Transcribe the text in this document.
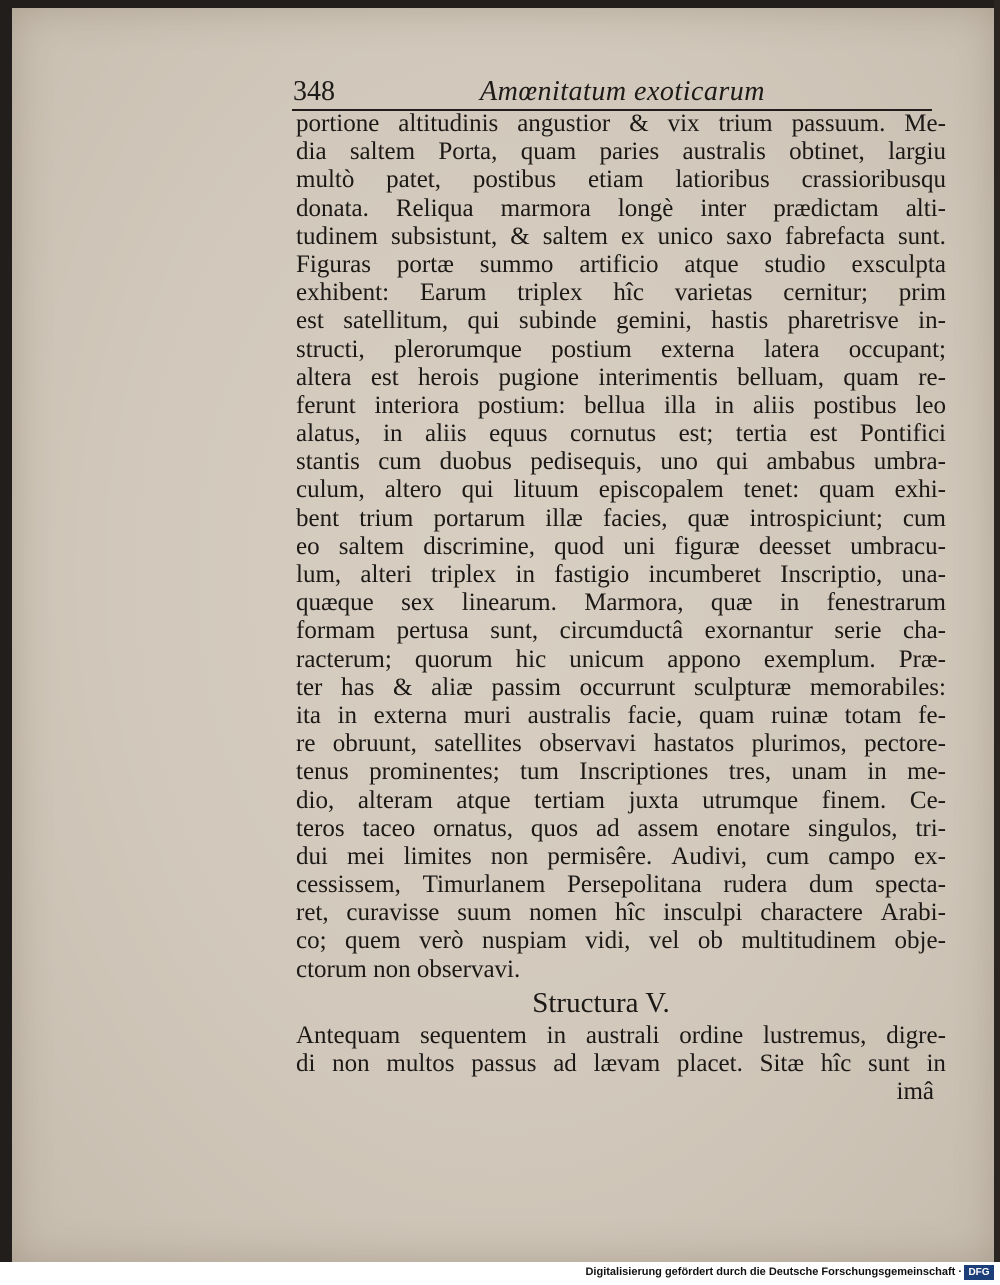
348	Amœnitatum exoticarum
portione altitudinis angustior & vix trium passuum. Me-
dia saltem Porta, quam paries australis obtinet, largiu
multò patet, postibus etiam latioribus crassioribusqu
donata. Reliqua marmora longè inter prædictam alti-
tudinem subsistunt, & saltem ex unico saxo fabrefacta sunt.
Figuras portæ summo artificio atque studio exsculpta
exhibent: Earum triplex hîc varietas cernitur; prim
est satellitum, qui subinde gemini, hastis pharetrisve in-
structi, plerorumque postium externa latera occupant;
altera est herois pugione interimentis belluam, quam re-
ferunt interiora postium: bellua illa in aliis postibus leo
alatus, in aliis equus cornutus est; tertia est Pontifici
stantis cum duobus pedisequis, uno qui ambabus umbra-
culum, altero qui lituum episcopalem tenet: quam exhi-
bent trium portarum illæ facies, quæ introspiciunt; cum
eo saltem discrimine, quod uni figuræ deesset umbracu-
lum, alteri triplex in fastigio incumberet Inscriptio, una-
quæque sex linearum. Marmora, quæ in fenestrarum
formam pertusa sunt, circumductâ exornantur serie cha-
racterum; quorum hic unicum appono exemplum. Præ-
ter has & aliæ passim occurrunt sculpturæ memorabiles:
ita in externa muri australis facie, quam ruinæ totam fe-
re obruunt, satellites observavi hastatos plurimos, pectore-
tenus prominentes; tum Inscriptiones tres, unam in me-
dio, alteram atque tertiam juxta utrumque finem. Ce-
teros taceo ornatus, quos ad assem enotare singulos, tri-
dui mei limites non permisêre. Audivi, cum campo ex-
cessissem, Timurlanem Persepolitana rudera dum specta-
ret, curavisse suum nomen hîc insculpi charactere Arabi-
co; quem verò nuspiam vidi, vel ob multitudinem obje-
ctorum non observavi.
Structura V.
Antequam sequentem in australi ordine lustremus, digre-
di non multos passus ad lævam placet. Sitæ hîc sunt in
imâ
Digitalisierung gefördert durch die Deutsche Forschungsgemeinschaft · DFG
